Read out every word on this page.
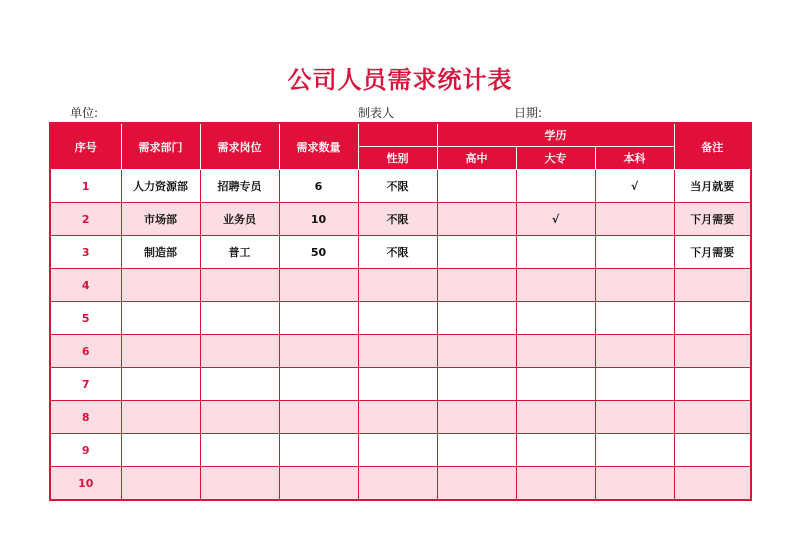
公司人员需求统计表
单位:	制表人	日期:
序号	需求部门	需求岗位	需求数量		学历			备注
				性别	高中	大专	本科	
1	人力资源部	招聘专员	6	不限			√	当月就要
2	市场部	业务员	10	不限		√		下月需要
3	制造部	普工	50	不限				下月需要
4								
5								
6								
7								
8								
9								
10								
